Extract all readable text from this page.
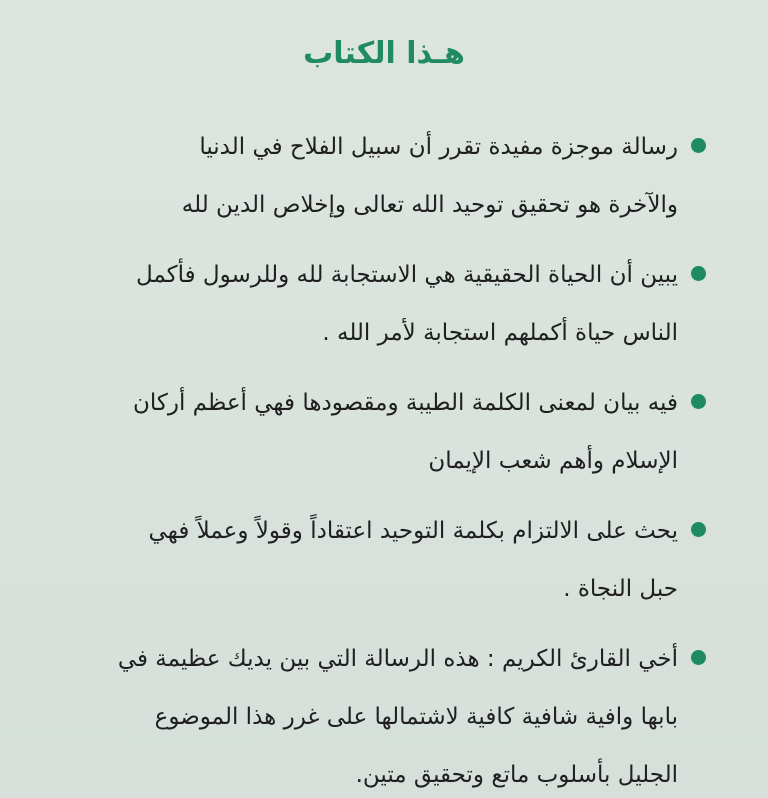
هـذا الكتاب
رسالة موجزة مفيدة تقرر أن سبيل الفلاح في الدنيا
والآخرة هو تحقيق توحيد الله تعالى وإخلاص الدين لله
يبين أن الحياة الحقيقية هي الاستجابة لله وللرسول فأكمل
الناس حياة أكملهم استجابة لأمر الله .
فيه بيان لمعنى الكلمة الطيبة ومقصودها فهي أعظم أركان
الإسلام وأهم شعب الإيمان
يحث على الالتزام بكلمة التوحيد اعتقاداً وقولاً وعملاً فهي
حبل النجاة .
أخي القارئ الكريم : هذه الرسالة التي بين يديك عظيمة في
بابها وافية شافية كافية لاشتمالها على غرر هذا الموضوع
الجليل بأسلوب ماتع وتحقيق متين.
